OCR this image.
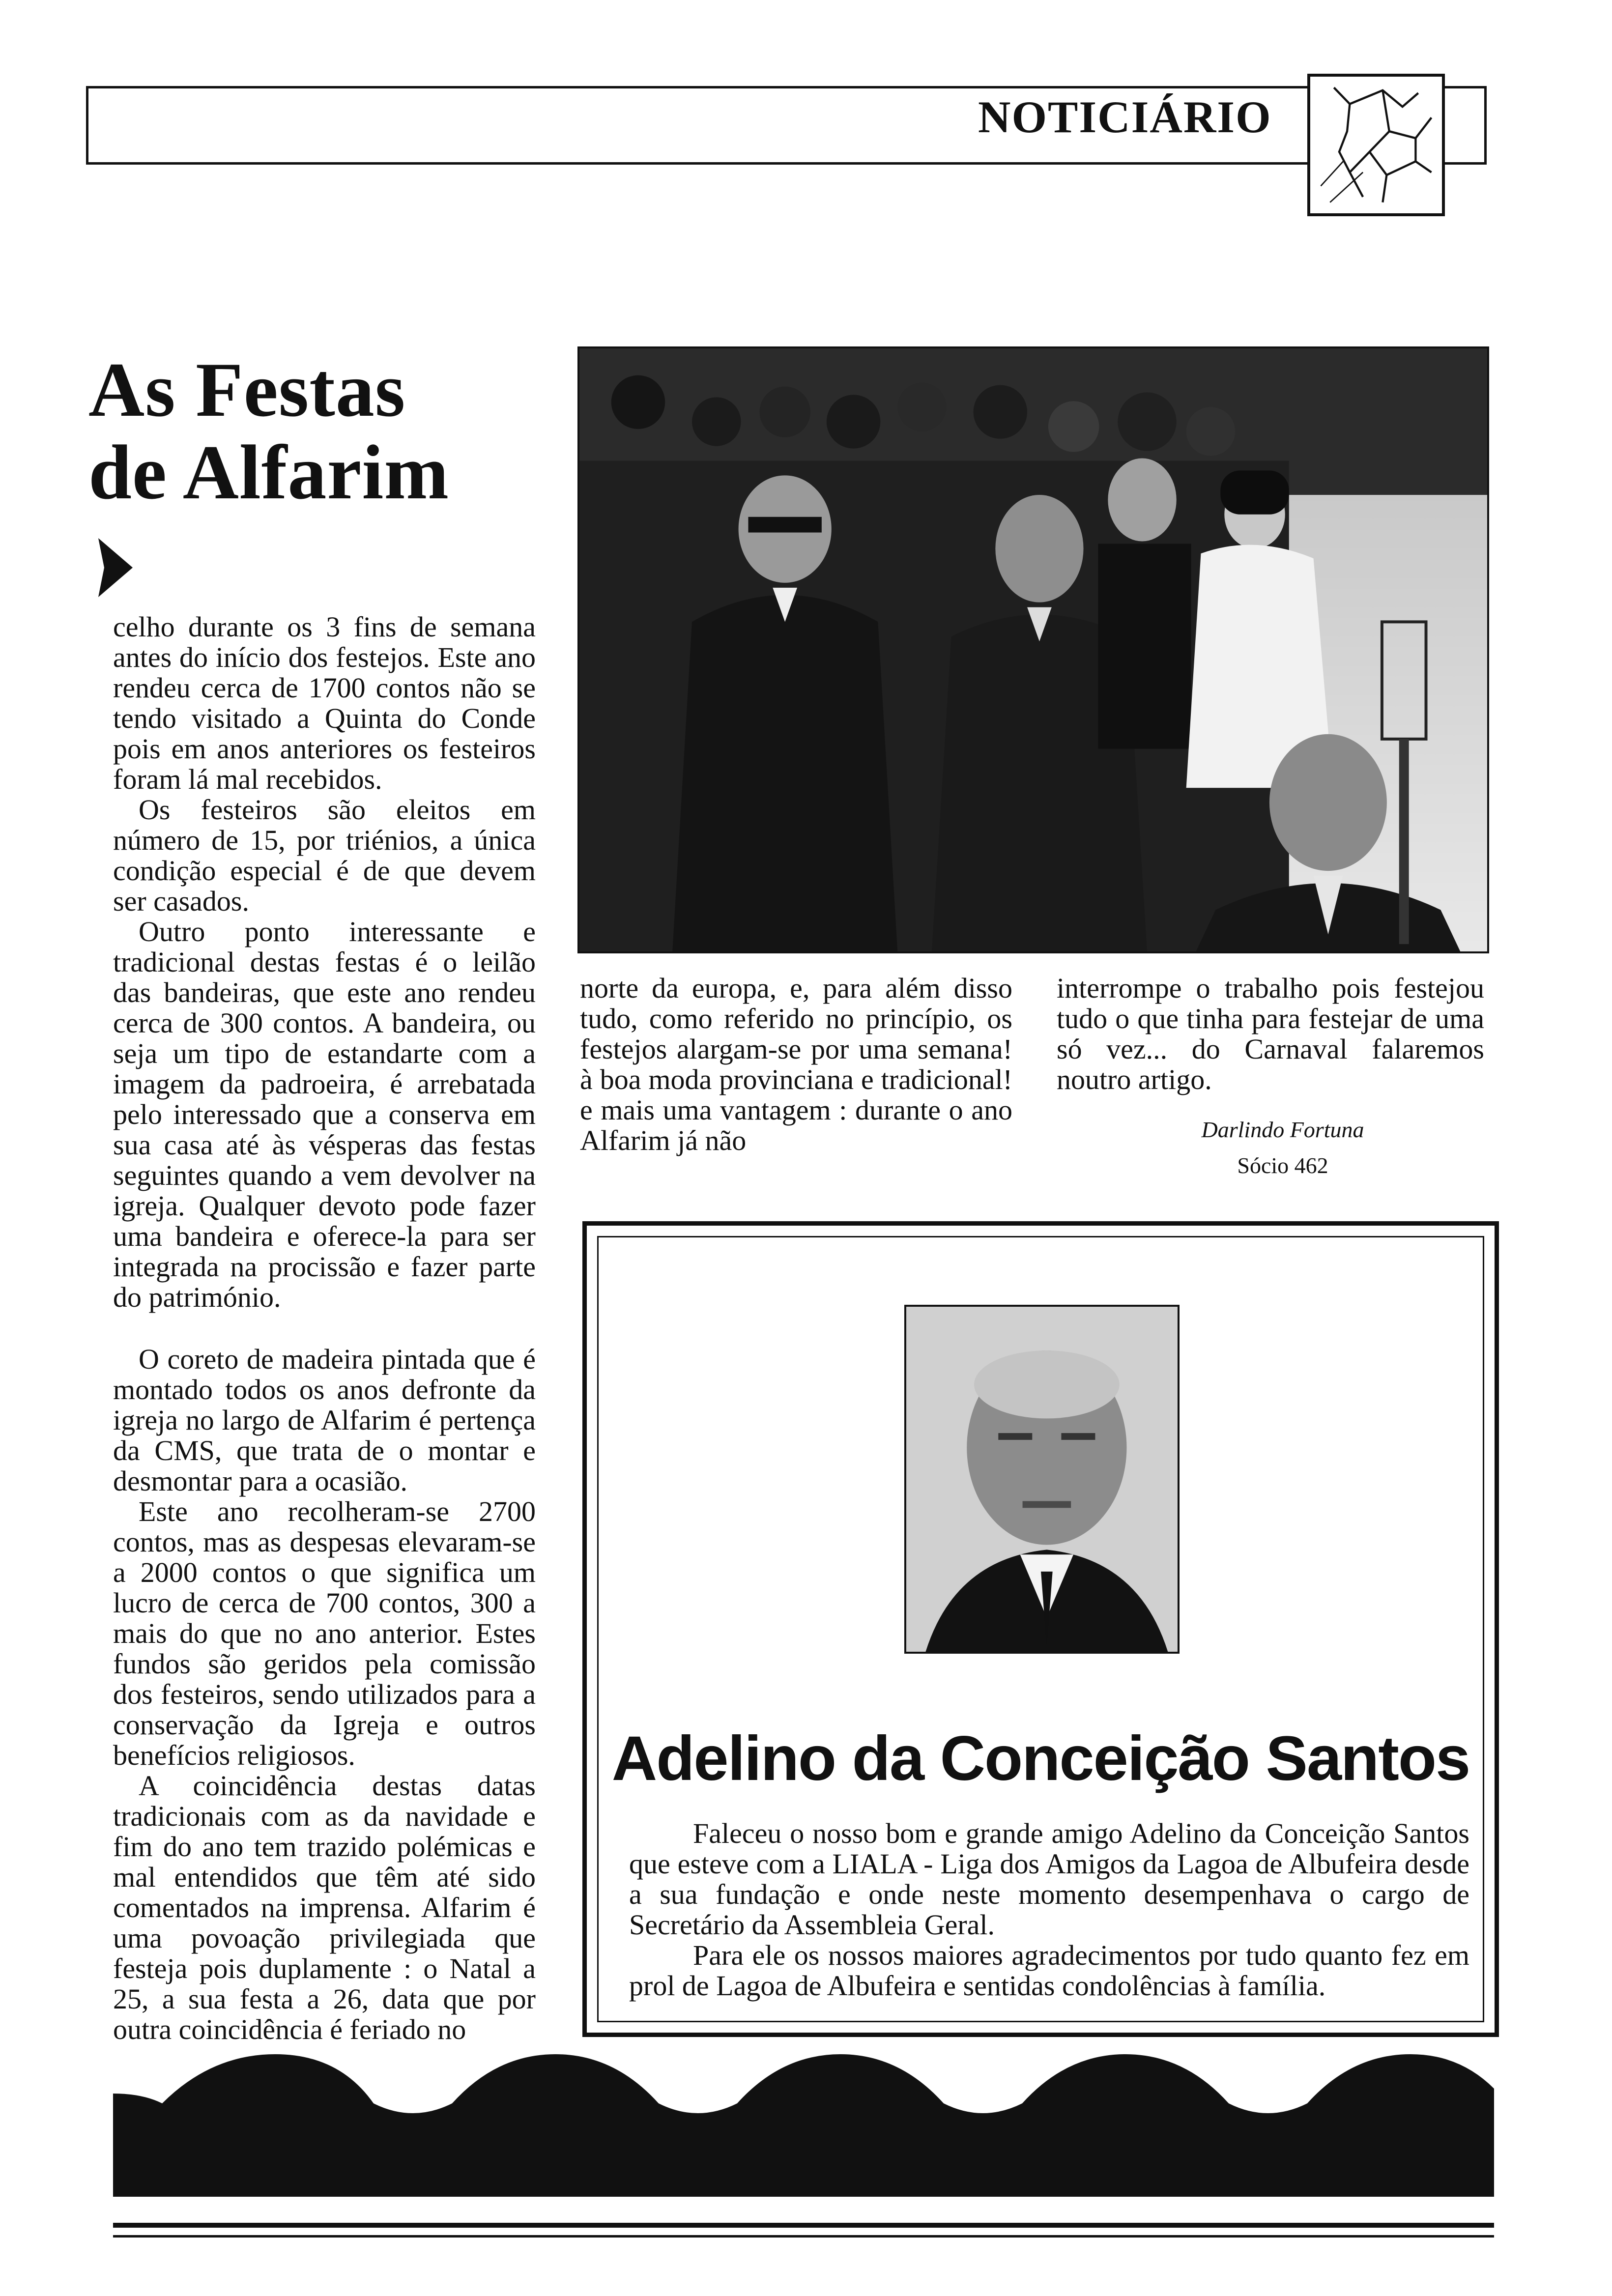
NOTICIÁRIO
As Festas
de Alfarim

celho durante os 3 fins de semana antes do início dos festejos. Este ano rendeu cerca de 1700 contos não se tendo visitado a Quinta do Conde pois em anos anteriores os festeiros foram lá mal recebidos.

Os festeiros são eleitos em número de 15, por triénios, a única condição especial é de que devem ser casados.

Outro ponto interessante e tradicional destas festas é o leilão das bandeiras, que este ano rendeu cerca de 300 contos. A bandeira, ou seja um tipo de estandarte com a imagem da padroeira, é arrebatada pelo interessado que a conserva em sua casa até às vésperas das festas seguintes quando a vem devolver na igreja. Qualquer devoto pode fazer uma bandeira e oferece-la para ser integrada na procissão e fazer parte do património.

O coreto de madeira pintada que é montado todos os anos defronte da igreja no largo de Alfarim é pertença da CMS, que trata de o montar e desmontar para a ocasião.

Este ano recolheram-se 2700 contos, mas as despesas elevaram-se a 2000 contos o que significa um lucro de cerca de 700 contos, 300 a mais do que no ano anterior. Estes fundos são geridos pela comissão dos festeiros, sendo utilizados para a conservação da Igreja e outros benefícios religiosos.

A coincidência destas datas tradicionais com as da navidade e fim do ano tem trazido polémicas e mal entendidos que têm até sido comentados na imprensa. Alfarim é uma povoação privilegiada que festeja pois duplamente : o Natal a 25, a sua festa a 26, data que por outra coincidência é feriado no

norte da europa, e, para além disso tudo, como referido no princípio, os festejos alargam-se por uma semana! à boa moda provinciana e tradicional! e mais uma vantagem : durante o ano Alfarim já não

interrompe o trabalho pois festejou tudo o que tinha para festejar de uma só vez... do Carnaval falaremos noutro artigo.

Darlindo Fortuna
Sócio 462
Adelino da Conceição Santos

Faleceu o nosso bom e grande amigo Adelino da Conceição Santos que esteve com a LIALA - Liga dos Amigos da Lagoa de Albufeira desde a sua fundação e onde neste momento desempenhava o cargo de Secretário da Assembleia Geral.

Para ele os nossos maiores agradecimentos por tudo quanto fez em prol de Lagoa de Albufeira e sentidas condolências à família.
